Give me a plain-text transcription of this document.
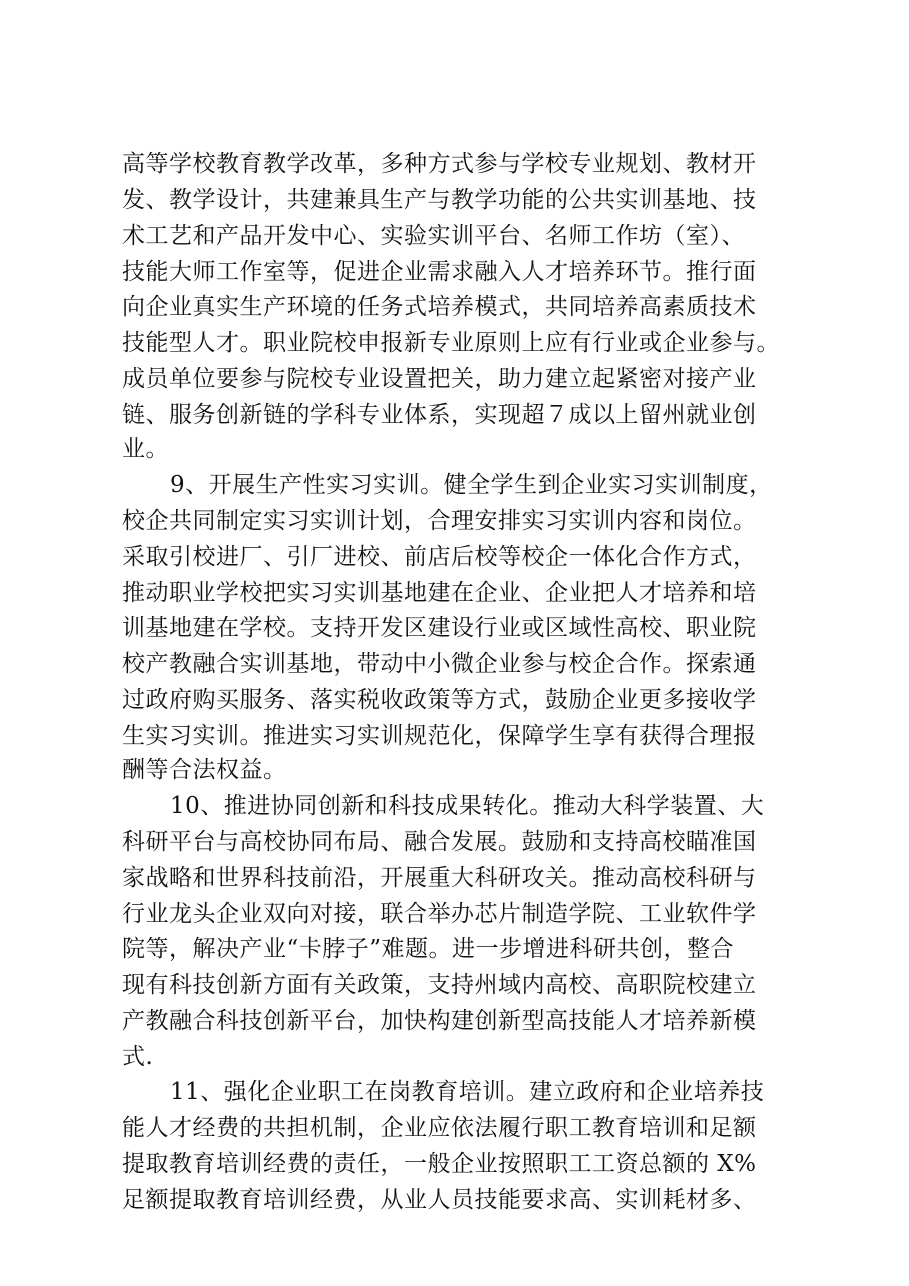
高等学校教育教学改革，多种方式参与学校专业规划、教材开
发、教学设计，共建兼具生产与教学功能的公共实训基地、技
术工艺和产品开发中心、实验实训平台、名师工作坊（室）、
技能大师工作室等，促进企业需求融入人才培养环节。推行面
向企业真实生产环境的任务式培养模式，共同培养高素质技术
技能型人才。职业院校申报新专业原则上应有行业或企业参与。
成员单位要参与院校专业设置把关，助力建立起紧密对接产业
链、服务创新链的学科专业体系，实现超７成以上留州就业创
业。
9、开展生产性实习实训。健全学生到企业实习实训制度，
校企共同制定实习实训计划，合理安排实习实训内容和岗位。
采取引校进厂、引厂进校、前店后校等校企一体化合作方式，
推动职业学校把实习实训基地建在企业、企业把人才培养和培
训基地建在学校。支持开发区建设行业或区域性高校、职业院
校产教融合实训基地，带动中小微企业参与校企合作。探索通
过政府购买服务、落实税收政策等方式，鼓励企业更多接收学
生实习实训。推进实习实训规范化，保障学生享有获得合理报
酬等合法权益。
10、推进协同创新和科技成果转化。推动大科学装置、大
科研平台与高校协同布局、融合发展。鼓励和支持高校瞄准国
家战略和世界科技前沿，开展重大科研攻关。推动高校科研与
行业龙头企业双向对接，联合举办芯片制造学院、工业软件学
院等，解决产业“卡脖子”难题。进一步增进科研共创，整合
现有科技创新方面有关政策，支持州域内高校、高职院校建立
产教融合科技创新平台，加快构建创新型高技能人才培养新模
式.
11、强化企业职工在岗教育培训。建立政府和企业培养技
能人才经费的共担机制，企业应依法履行职工教育培训和足额
提取教育培训经费的责任，一般企业按照职工工资总额的 X%
足额提取教育培训经费，从业人员技能要求高、实训耗材多、
